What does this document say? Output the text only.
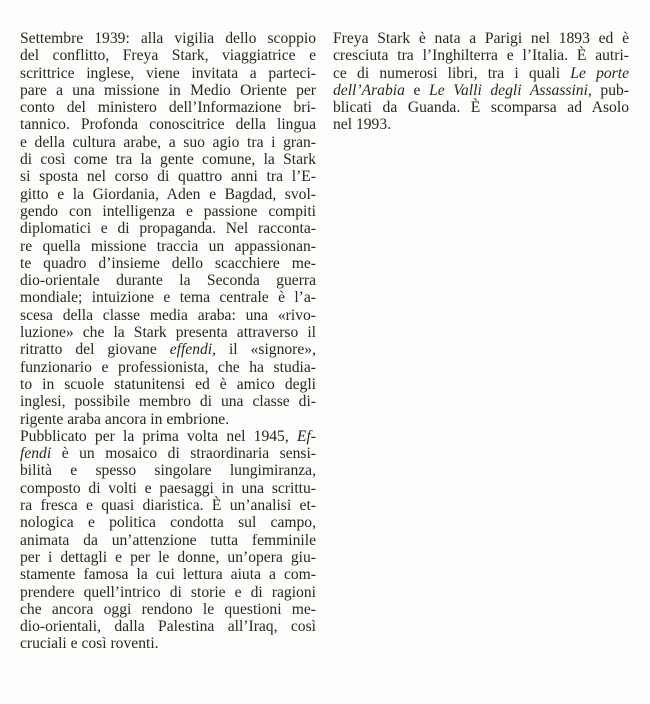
Settembre 1939: alla vigilia dello scoppio
del conflitto, Freya Stark, viaggiatrice e
scrittrice inglese, viene invitata a parteci-
pare a una missione in Medio Oriente per
conto del ministero dell’Informazione bri-
tannico. Profonda conoscitrice della lingua
e della cultura arabe, a suo agio tra i gran-
di così come tra la gente comune, la Stark
si sposta nel corso di quattro anni tra l’E-
gitto e la Giordania, Aden e Bagdad, svol-
gendo con intelligenza e passione compiti
diplomatici e di propaganda. Nel racconta-
re quella missione traccia un appassionan-
te quadro d’insieme dello scacchiere me-
dio-orientale durante la Seconda guerra
mondiale; intuizione e tema centrale è l’a-
scesa della classe media araba: una «rivo-
luzione» che la Stark presenta attraverso il
ritratto del giovane effendi, il «signore»,
funzionario e professionista, che ha studia-
to in scuole statunitensi ed è amico degli
inglesi, possibile membro di una classe di-
rigente araba ancora in embrione.
Pubblicato per la prima volta nel 1945, Ef-
fendi è un mosaico di straordinaria sensi-
bilità e spesso singolare lungimiranza,
composto di volti e paesaggi in una scrittu-
ra fresca e quasi diaristica. È un’analisi et-
nologica e politica condotta sul campo,
animata da un’attenzione tutta femminile
per i dettagli e per le donne, un’opera giu-
stamente famosa la cui lettura aiuta a com-
prendere quell’intrico di storie e di ragioni
che ancora oggi rendono le questioni me-
dio-orientali, dalla Palestina all’Iraq, così
cruciali e così roventi.
Freya Stark è nata a Parigi nel 1893 ed è
cresciuta tra l’Inghilterra e l’Italia. È autri-
ce di numerosi libri, tra i quali Le porte
dell’Arabia e Le Valli degli Assassini, pub-
blicati da Guanda. È scomparsa ad Asolo
nel 1993.
